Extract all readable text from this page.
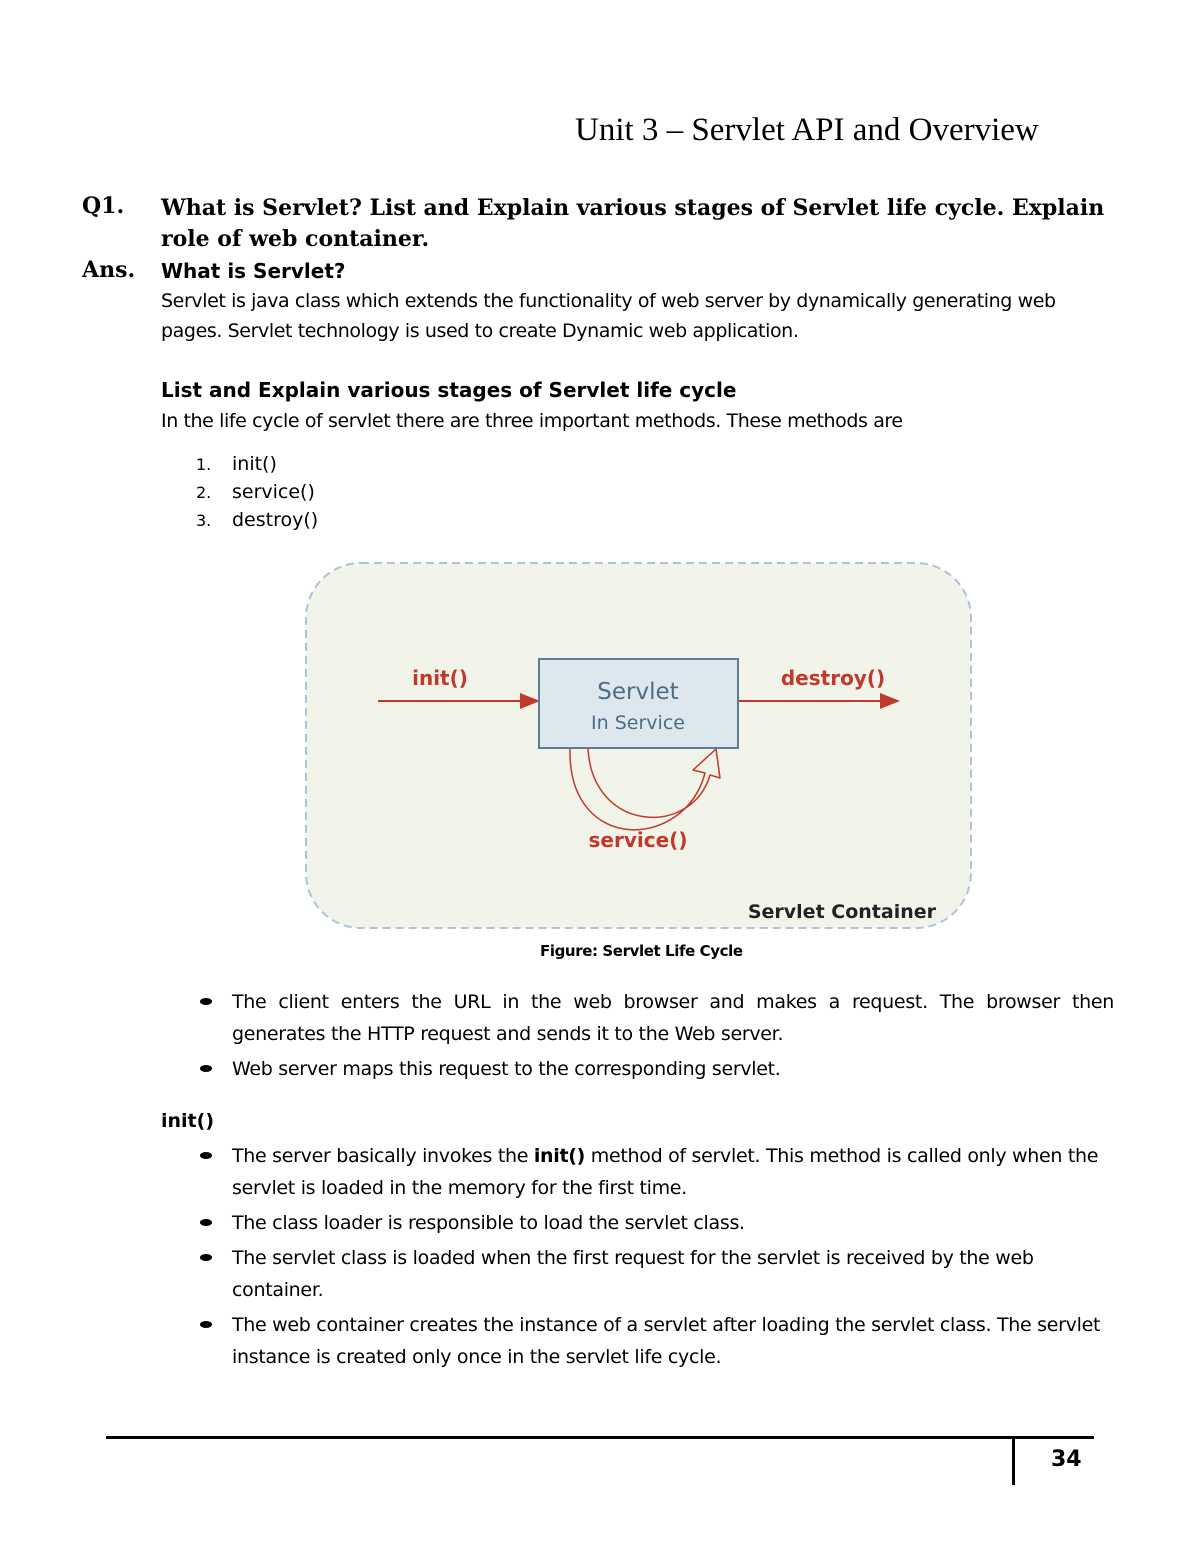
Unit 3 – Servlet API and Overview
Q1. What is Servlet? List and Explain various stages of Servlet life cycle. Explain role of web container.
Ans. What is Servlet?
Servlet is java class which extends the functionality of web server by dynamically generating web pages. Servlet technology is used to create Dynamic web application.
List and Explain various stages of Servlet life cycle
In the life cycle of servlet there are three important methods. These methods are
1. init()
2. service()
3. destroy()
Servlet
In Service
init()	destroy()
service()
Servlet Container
Figure: Servlet Life Cycle
The client enters the URL in the web browser and makes a request. The browser then generates the HTTP request and sends it to the Web server.
Web server maps this request to the corresponding servlet.
init()
The server basically invokes the init() method of servlet. This method is called only when the servlet is loaded in the memory for the first time.
The class loader is responsible to load the servlet class.
The servlet class is loaded when the first request for the servlet is received by the web container.
The web container creates the instance of a servlet after loading the servlet class. The servlet instance is created only once in the servlet life cycle.
34
